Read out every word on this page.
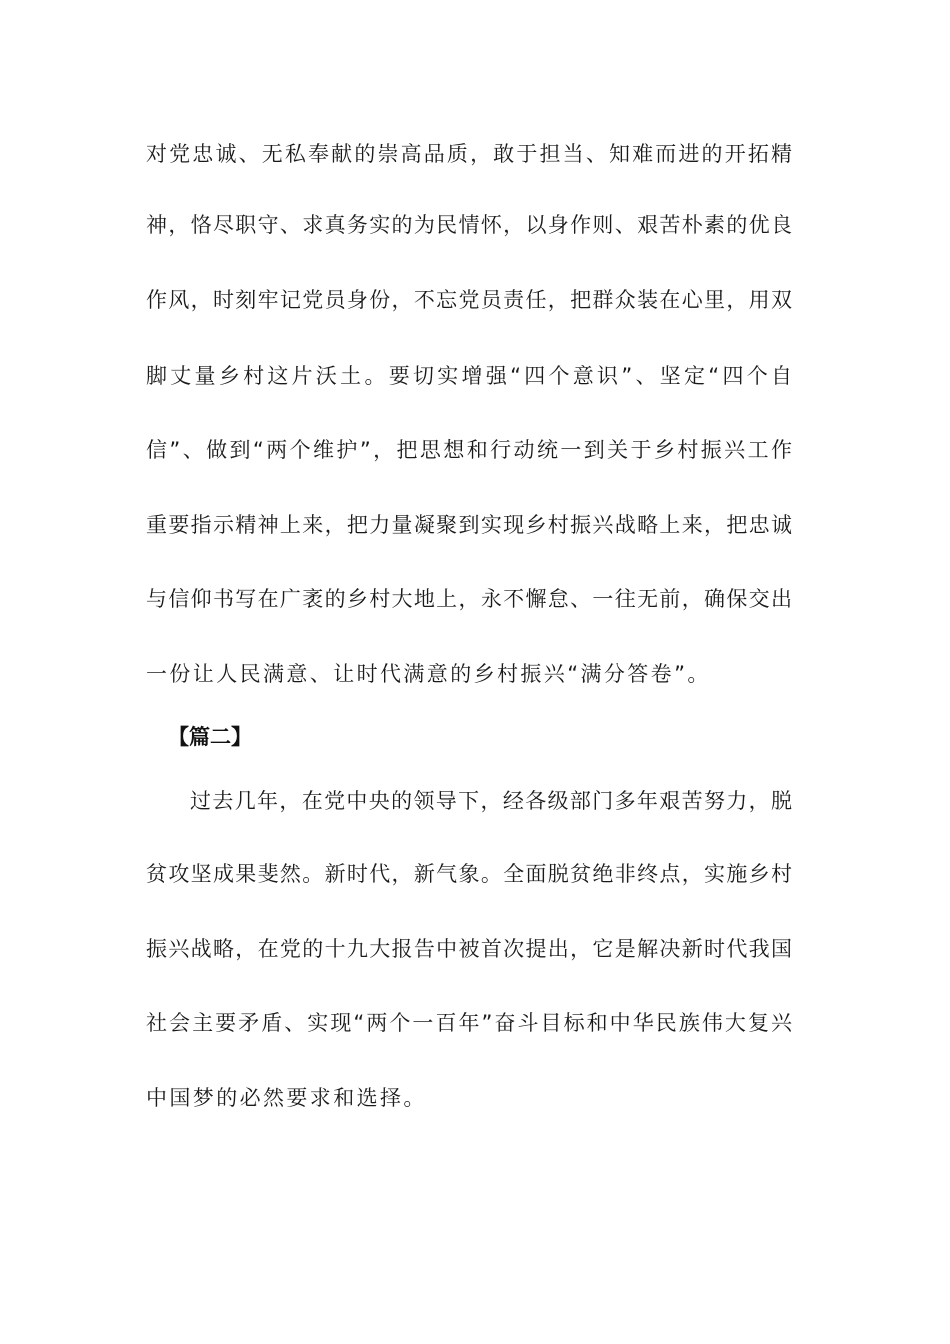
对党忠诚、无私奉献的崇高品质，敢于担当、知难而进的开拓精
神，恪尽职守、求真务实的为民情怀，以身作则、艰苦朴素的优良
作风，时刻牢记党员身份，不忘党员责任，把群众装在心里，用双
脚丈量乡村这片沃土。要切实增强“四个意识”、坚定“四个自
信”、做到“两个维护”，把思想和行动统一到关于乡村振兴工作
重要指示精神上来，把力量凝聚到实现乡村振兴战略上来，把忠诚
与信仰书写在广袤的乡村大地上，永不懈怠、一往无前，确保交出
一份让人民满意、让时代满意的乡村振兴“满分答卷”。
【篇二】
过去几年，在党中央的领导下，经各级部门多年艰苦努力，脱
贫攻坚成果斐然。新时代，新气象。全面脱贫绝非终点，实施乡村
振兴战略，在党的十九大报告中被首次提出，它是解决新时代我国
社会主要矛盾、实现“两个一百年”奋斗目标和中华民族伟大复兴
中国梦的必然要求和选择。
